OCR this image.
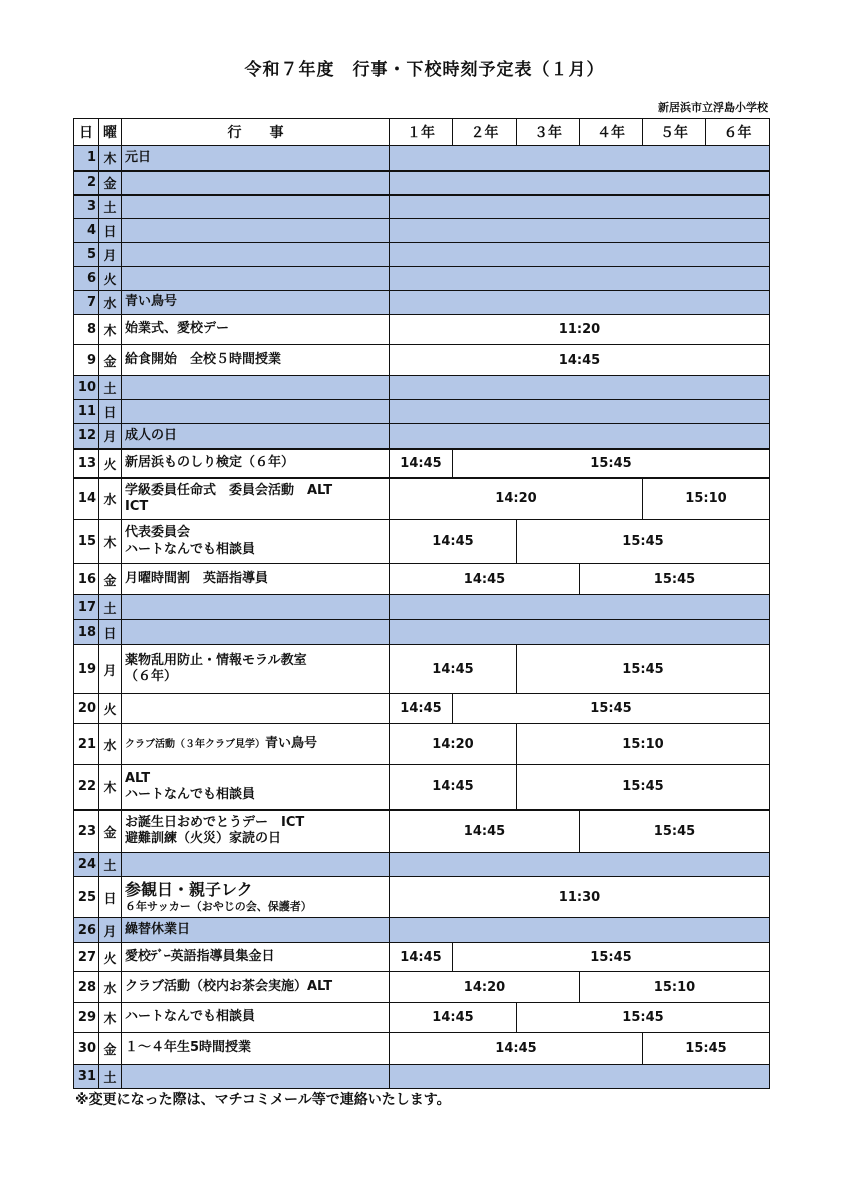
令和７年度　行事・下校時刻予定表（１月）
新居浜市立浮島小学校
日	曜	行　　事	１年	２年	３年	４年	５年	６年
1	木	元日						

2	金							
3	土							
4	日							
5	月							
6	火							
7	水	青い鳥号						

8	木	始業式、愛校デー	11:20					
9	金	給食開始　全校５時間授業	14:45					
10	土							
11	日							
12	月	成人の日						

13	火	新居浜ものしり検定（６年）	14:45	15:45				
14	水	学級委員任命式　委員会活動　ALT
ICT	14:20				15:10	
15	木	代表委員会
ハートなんでも相談員	14:45		15:45			
16	金	月曜時間割　英語指導員	14:45			15:45		
17	土							
18	日							
19	月	薬物乱用防止・情報モラル教室
（６年）	14:45		15:45			
20	火		14:45	15:45				
21	水	クラブ活動（３年クラブ見学）青い鳥号	14:20		15:10			
22	木	ALT
ハートなんでも相談員	14:45		15:45			
23	金	お誕生日おめでとうデー　ICT
避難訓練（火災）家読の日	14:45			15:45		
24	土							
25	日	参観日・親子レク
６年サッカー（おやじの会、保護者）	11:30					
26	月	繰替休業日						

27	火	愛校ﾃﾞｰ英語指導員集金日	14:45	15:45				
28	水	クラブ活動（校内お茶会実施）ALT	14:20			15:10		
29	木	ハートなんでも相談員	14:45		15:45			
30	金	１～４年生5時間授業	14:45				15:45	
31	土							
※変更になった際は、マチコミメール等で連絡いたします。
